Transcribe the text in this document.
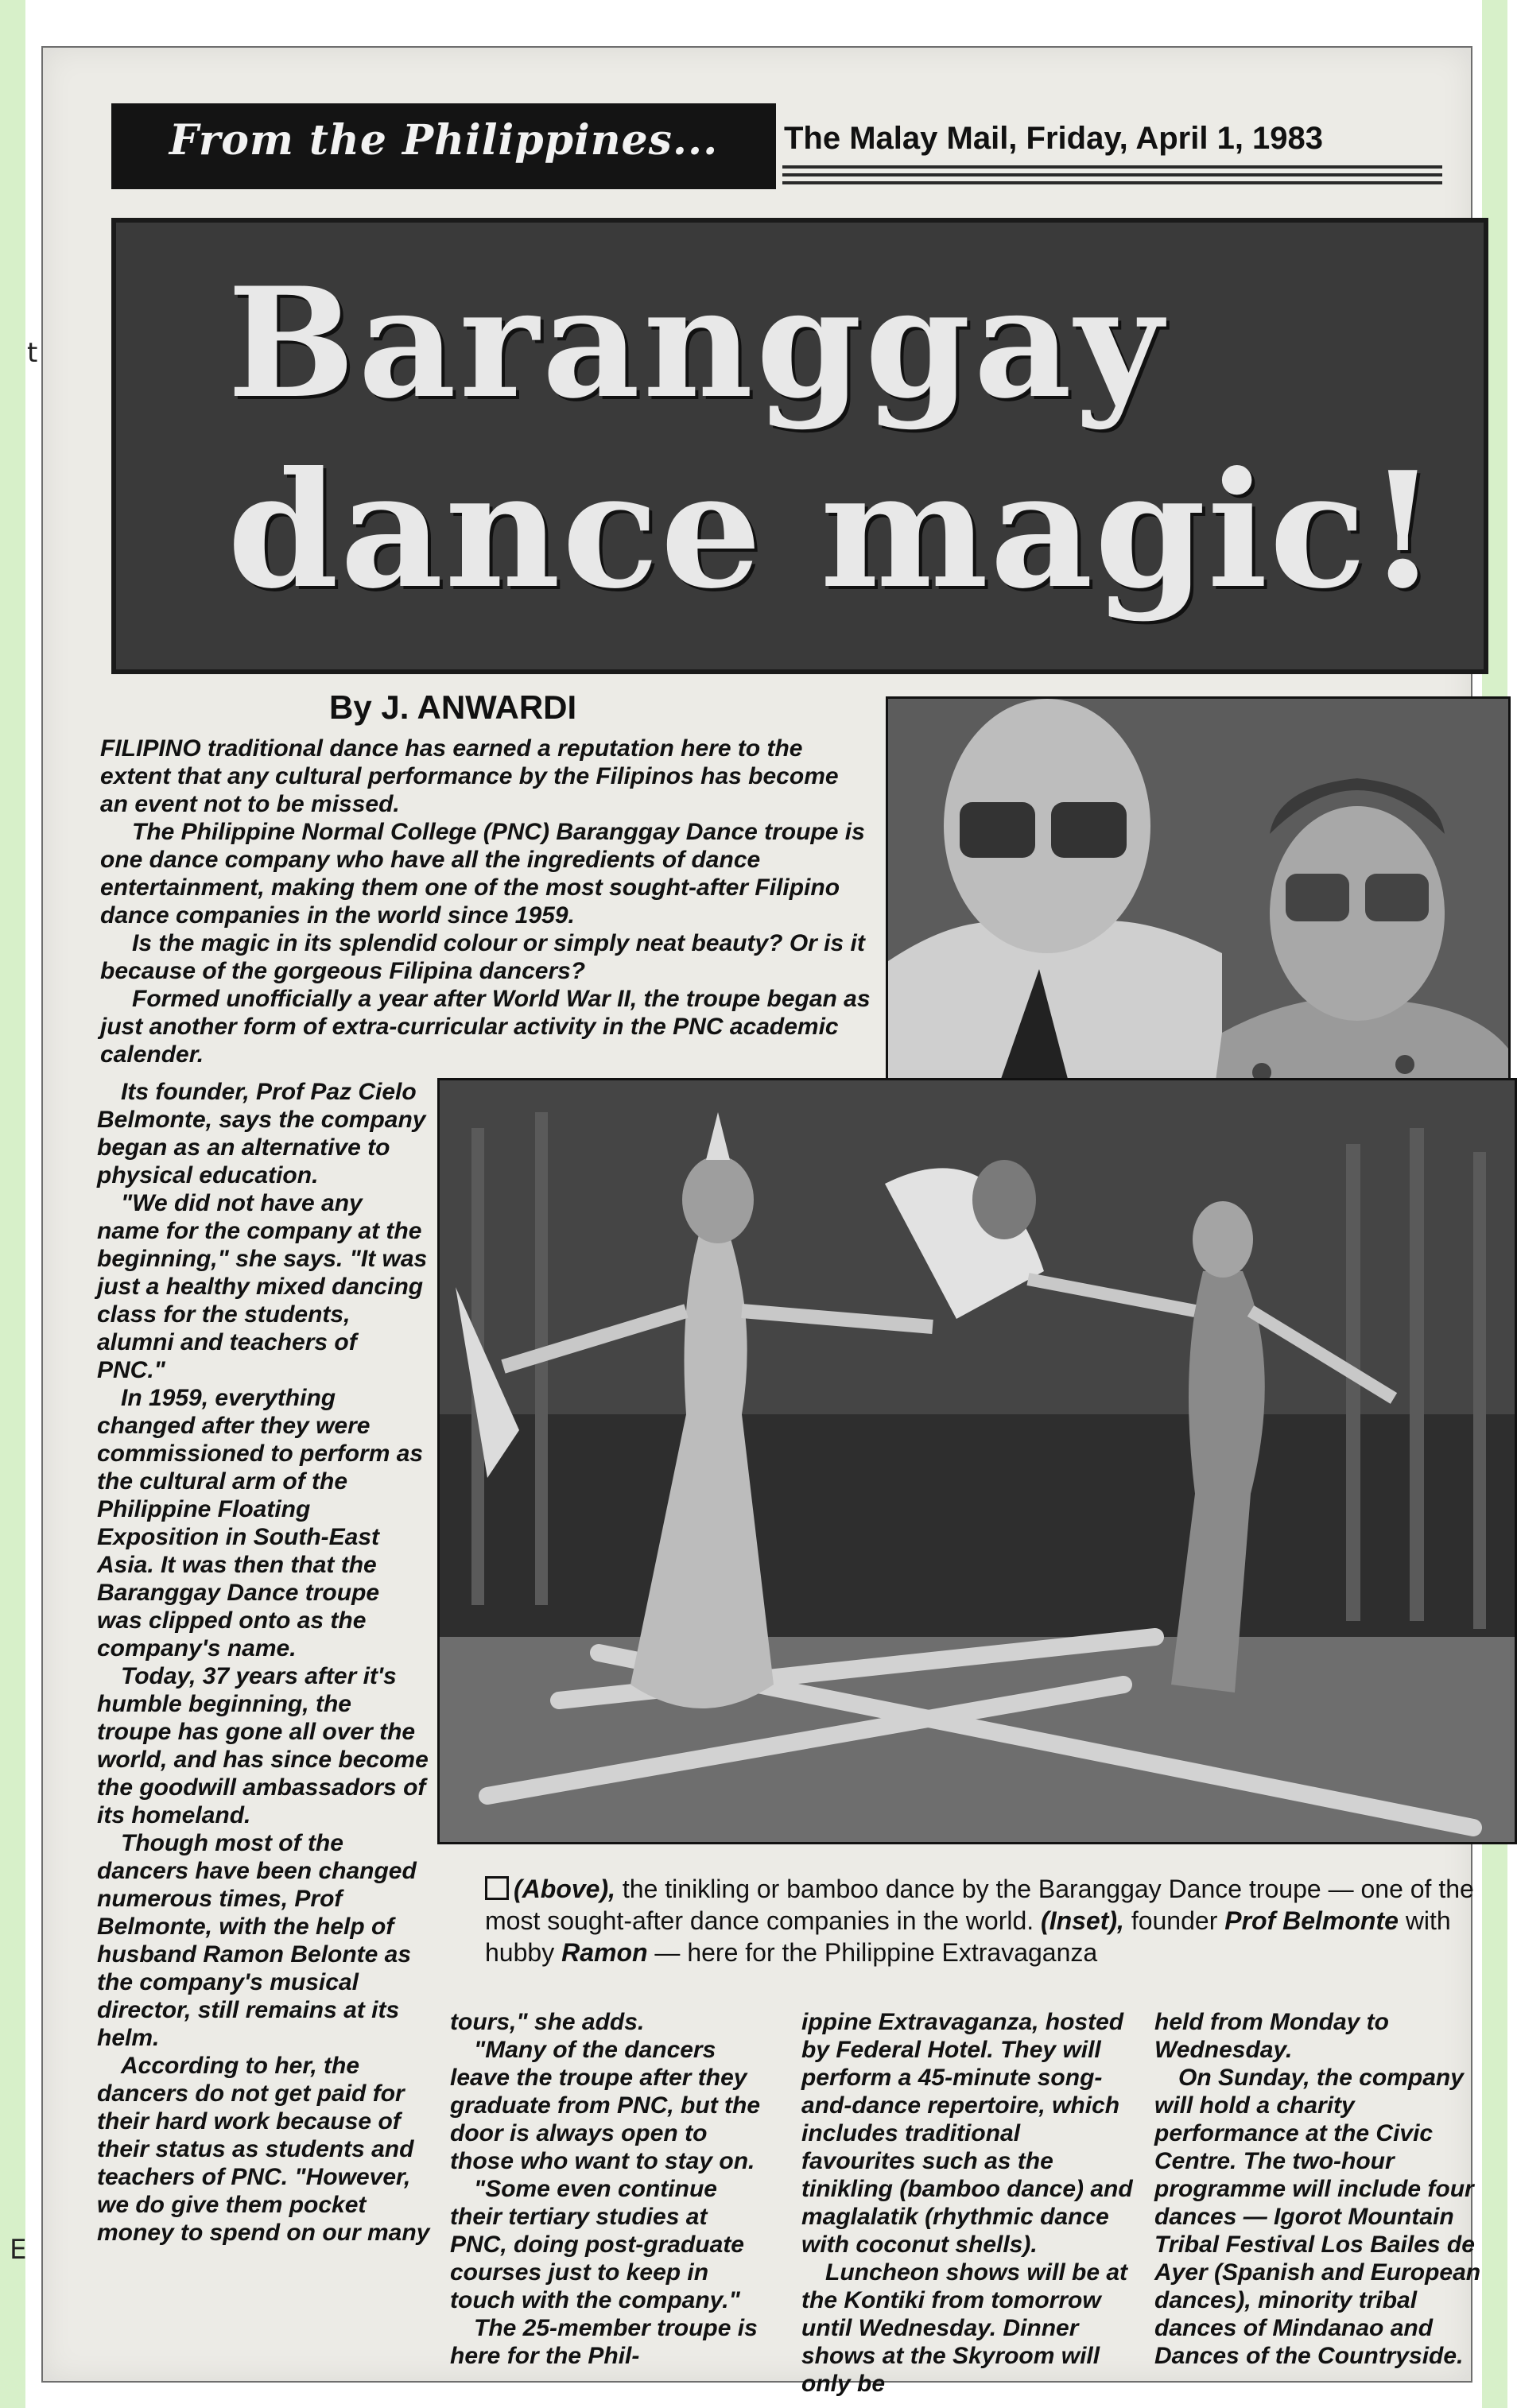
t
E
From the Philippines...	The Malay Mail, Friday, April 1, 1983
Baranggay
dance magic!
By J. ANWARDI

FILIPINO traditional dance has earned a reputation here to the extent that any cultural performance by the Filipinos has become an event not to be missed.

The Philippine Normal College (PNC) Baranggay Dance troupe is one dance company who have all the ingredients of dance entertainment, making them one of the most sought-after Filipino dance companies in the world since 1959.

Is the magic in its splendid colour or simply neat beauty? Or is it because of the gorgeous Filipina dancers?

Formed unofficially a year after World War II, the troupe began as just another form of extra-curricular activity in the PNC academic calender.

(Above), the tinikling or bamboo dance by the Baranggay Dance troupe — one of the most sought-after dance companies in the world. (Inset), founder Prof Belmonte with hubby Ramon — here for the Philippine Extravaganza

Its founder, Prof Paz Cielo Belmonte, says the company began as an alternative to physical education.

"We did not have any name for the company at the beginning," she says. "It was just a healthy mixed dancing class for the students, alumni and teachers of PNC."

In 1959, everything changed after they were commissioned to perform as the cultural arm of the Philippine Floating Exposition in South-East Asia. It was then that the Baranggay Dance troupe was clipped onto as the company's name.

Today, 37 years after it's humble beginning, the troupe has gone all over the world, and has since become the goodwill ambassadors of its homeland.

Though most of the dancers have been changed numerous times, Prof Belmonte, with the help of husband Ramon Belonte as the company's musical director, still remains at its helm.

According to her, the dancers do not get paid for their hard work because of their status as students and teachers of PNC. "However, we do give them pocket money to spend on our many

tours," she adds.

"Many of the dancers leave the troupe after they graduate from PNC, but the door is always open to those who want to stay on.

"Some even continue their tertiary studies at PNC, doing post-graduate courses just to keep in touch with the company."

The 25-member troupe is here for the Phil-

ippine Extravaganza, hosted by Federal Hotel. They will perform a 45-minute song-and-dance repertoire, which includes traditional favourites such as the tinikling (bamboo dance) and maglalatik (rhythmic dance with coconut shells).

Luncheon shows will be at the Kontiki from tomorrow until Wednesday. Dinner shows at the Skyroom will only be

held from Monday to Wednesday.

On Sunday, the company will hold a charity performance at the Civic Centre. The two-hour programme will include four dances — Igorot Mountain Tribal Festival Los Bailes de Ayer (Spanish and European dances), minority tribal dances of Mindanao and Dances of the Countryside.
